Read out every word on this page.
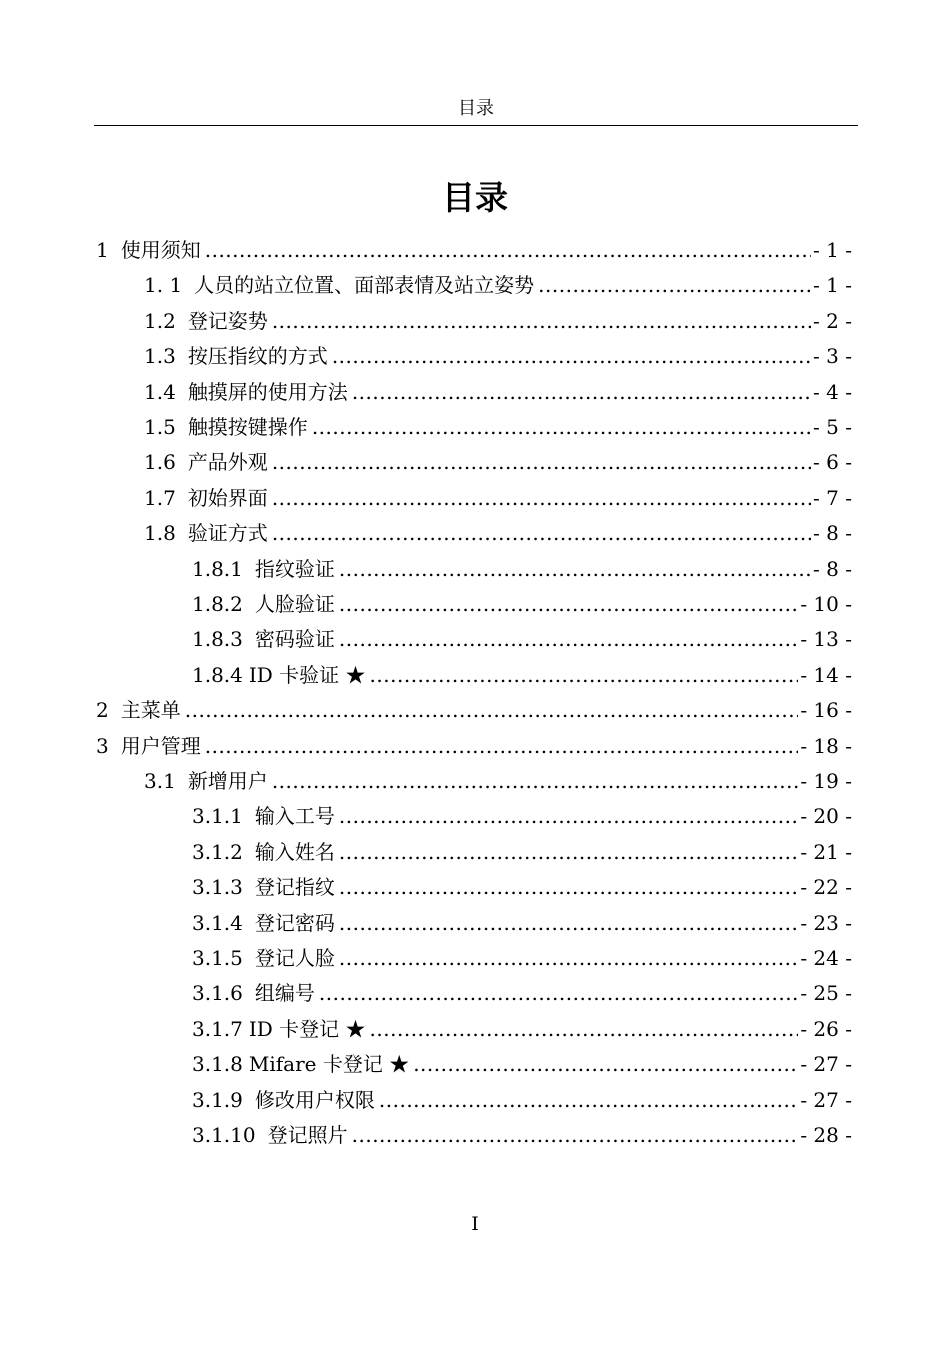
目录
目录
1 使用须知 .....	- 1 -
1. 1 人员的站立位置、面部表情及站立姿势 .....	- 1 -
1.2 登记姿势 .....	- 2 -
1.3 按压指纹的方式 .....	- 3 -
1.4 触摸屏的使用方法 .....	- 4 -
1.5 触摸按键操作 .....	- 5 -
1.6 产品外观 .....	- 6 -
1.7 初始界面 .....	- 7 -
1.8 验证方式 .....	- 8 -
1.8.1 指纹验证 .....	- 8 -
1.8.2 人脸验证 .....	- 10 -
1.8.3 密码验证 .....	- 13 -
1.8.4 ID 卡验证 ★ .....	- 14 -
2 主菜单 .....	- 16 -
3 用户管理 .....	- 18 -
3.1 新增用户 .....	- 19 -
3.1.1 输入工号 .....	- 20 -
3.1.2 输入姓名 .....	- 21 -
3.1.3 登记指纹 .....	- 22 -
3.1.4 登记密码 .....	- 23 -
3.1.5 登记人脸 .....	- 24 -
3.1.6 组编号 .....	- 25 -
3.1.7 ID 卡登记 ★ .....	- 26 -
3.1.8 Mifare 卡登记 ★ .....	- 27 -
3.1.9 修改用户权限 .....	- 27 -
3.1.10 登记照片 .....	- 28 -
I
